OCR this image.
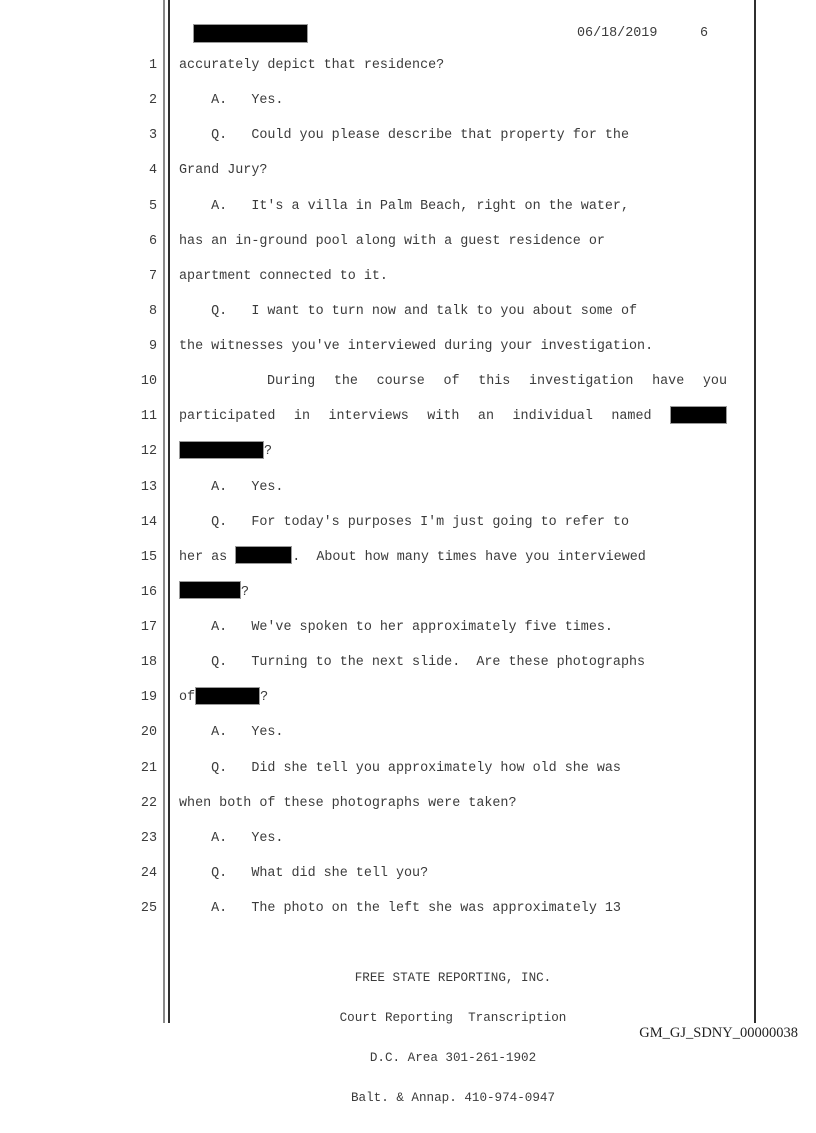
06/18/2019	6
1 accurately depict that residence?
2 A.   Yes.
3 Q.   Could you please describe that property for the
4 Grand Jury?
5 A.   It's a villa in Palm Beach, right on the water,
6 has an in-ground pool along with a guest residence or
7 apartment connected to it.
8 Q.   I want to turn now and talk to you about some of
9 the witnesses you've interviewed during your investigation.
10	During the course of this investigation have you
11 participated in interviews with an individual named
12	?
13 A.   Yes.
14 Q.   For today's purposes I'm just going to refer to
15 her as	.  About how many times have you interviewed
16	?
17 A.   We've spoken to her approximately five times.
18 Q.   Turning to the next slide.  Are these photographs
19 of	?
20 A.   Yes.
21 Q.   Did she tell you approximately how old she was
22 when both of these photographs were taken?
23 A.   Yes.
24 Q.   What did she tell you?
25 A.   The photo on the left she was approximately 13

FREE STATE REPORTING, INC.

Court Reporting  Transcription

D.C. Area 301-261-1902

Balt. & Annap. 410-974-0947

GM_GJ_SDNY_00000038
